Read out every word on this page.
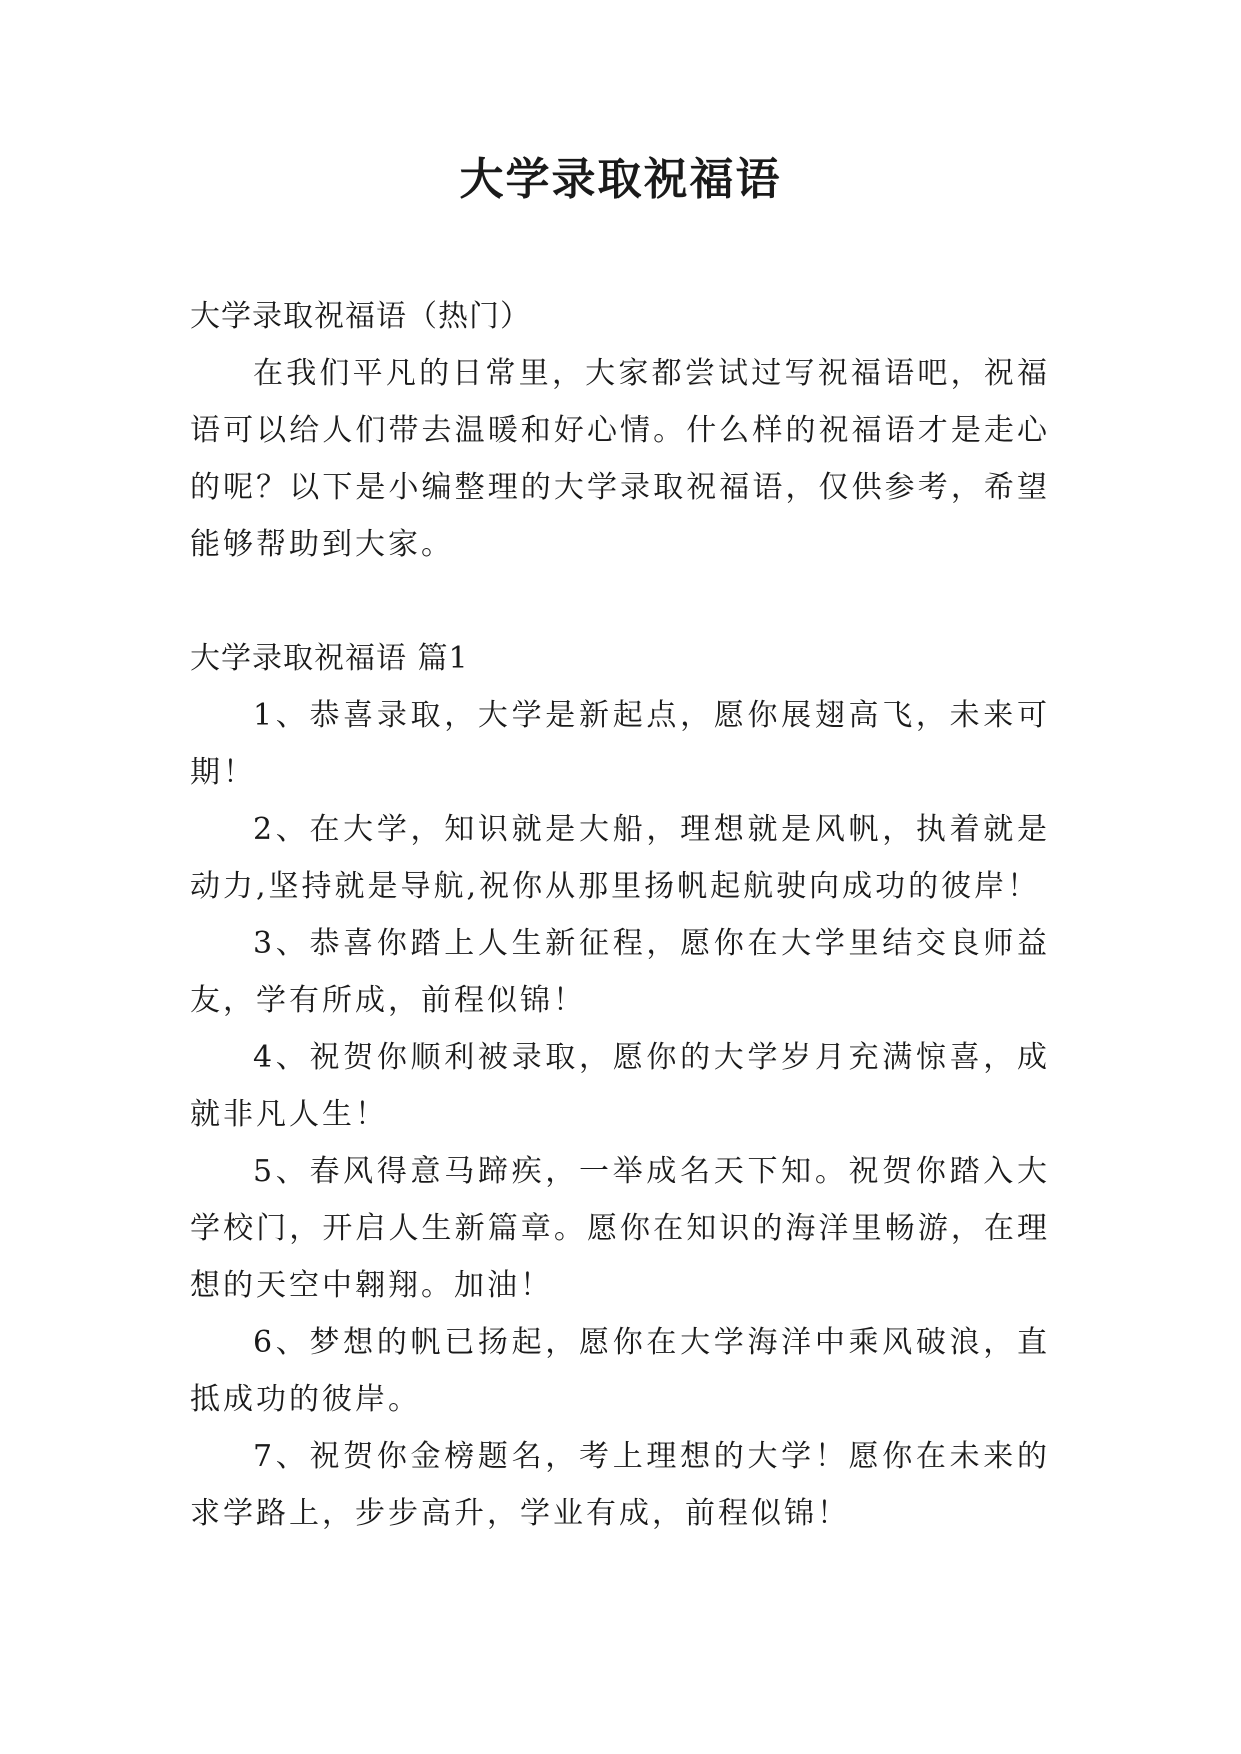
大学录取祝福语

大学录取祝福语（热门）

在我们平凡的日常里，大家都尝试过写祝福语吧，祝福语可以给人们带去温暖和好心情。什么样的祝福语才是走心的呢？以下是小编整理的大学录取祝福语，仅供参考，希望能够帮助到大家。

大学录取祝福语 篇1

1、恭喜录取，大学是新起点，愿你展翅高飞，未来可期！
2、在大学，知识就是大船，理想就是风帆，执着就是动力,坚持就是导航,祝你从那里扬帆起航驶向成功的彼岸！
3、恭喜你踏上人生新征程，愿你在大学里结交良师益友，学有所成，前程似锦！
4、祝贺你顺利被录取，愿你的大学岁月充满惊喜，成就非凡人生！
5、春风得意马蹄疾，一举成名天下知。祝贺你踏入大学校门，开启人生新篇章。愿你在知识的海洋里畅游，在理想的天空中翱翔。加油！
6、梦想的帆已扬起，愿你在大学海洋中乘风破浪，直抵成功的彼岸。
7、祝贺你金榜题名，考上理想的大学！愿你在未来的求学路上，步步高升，学业有成，前程似锦！
